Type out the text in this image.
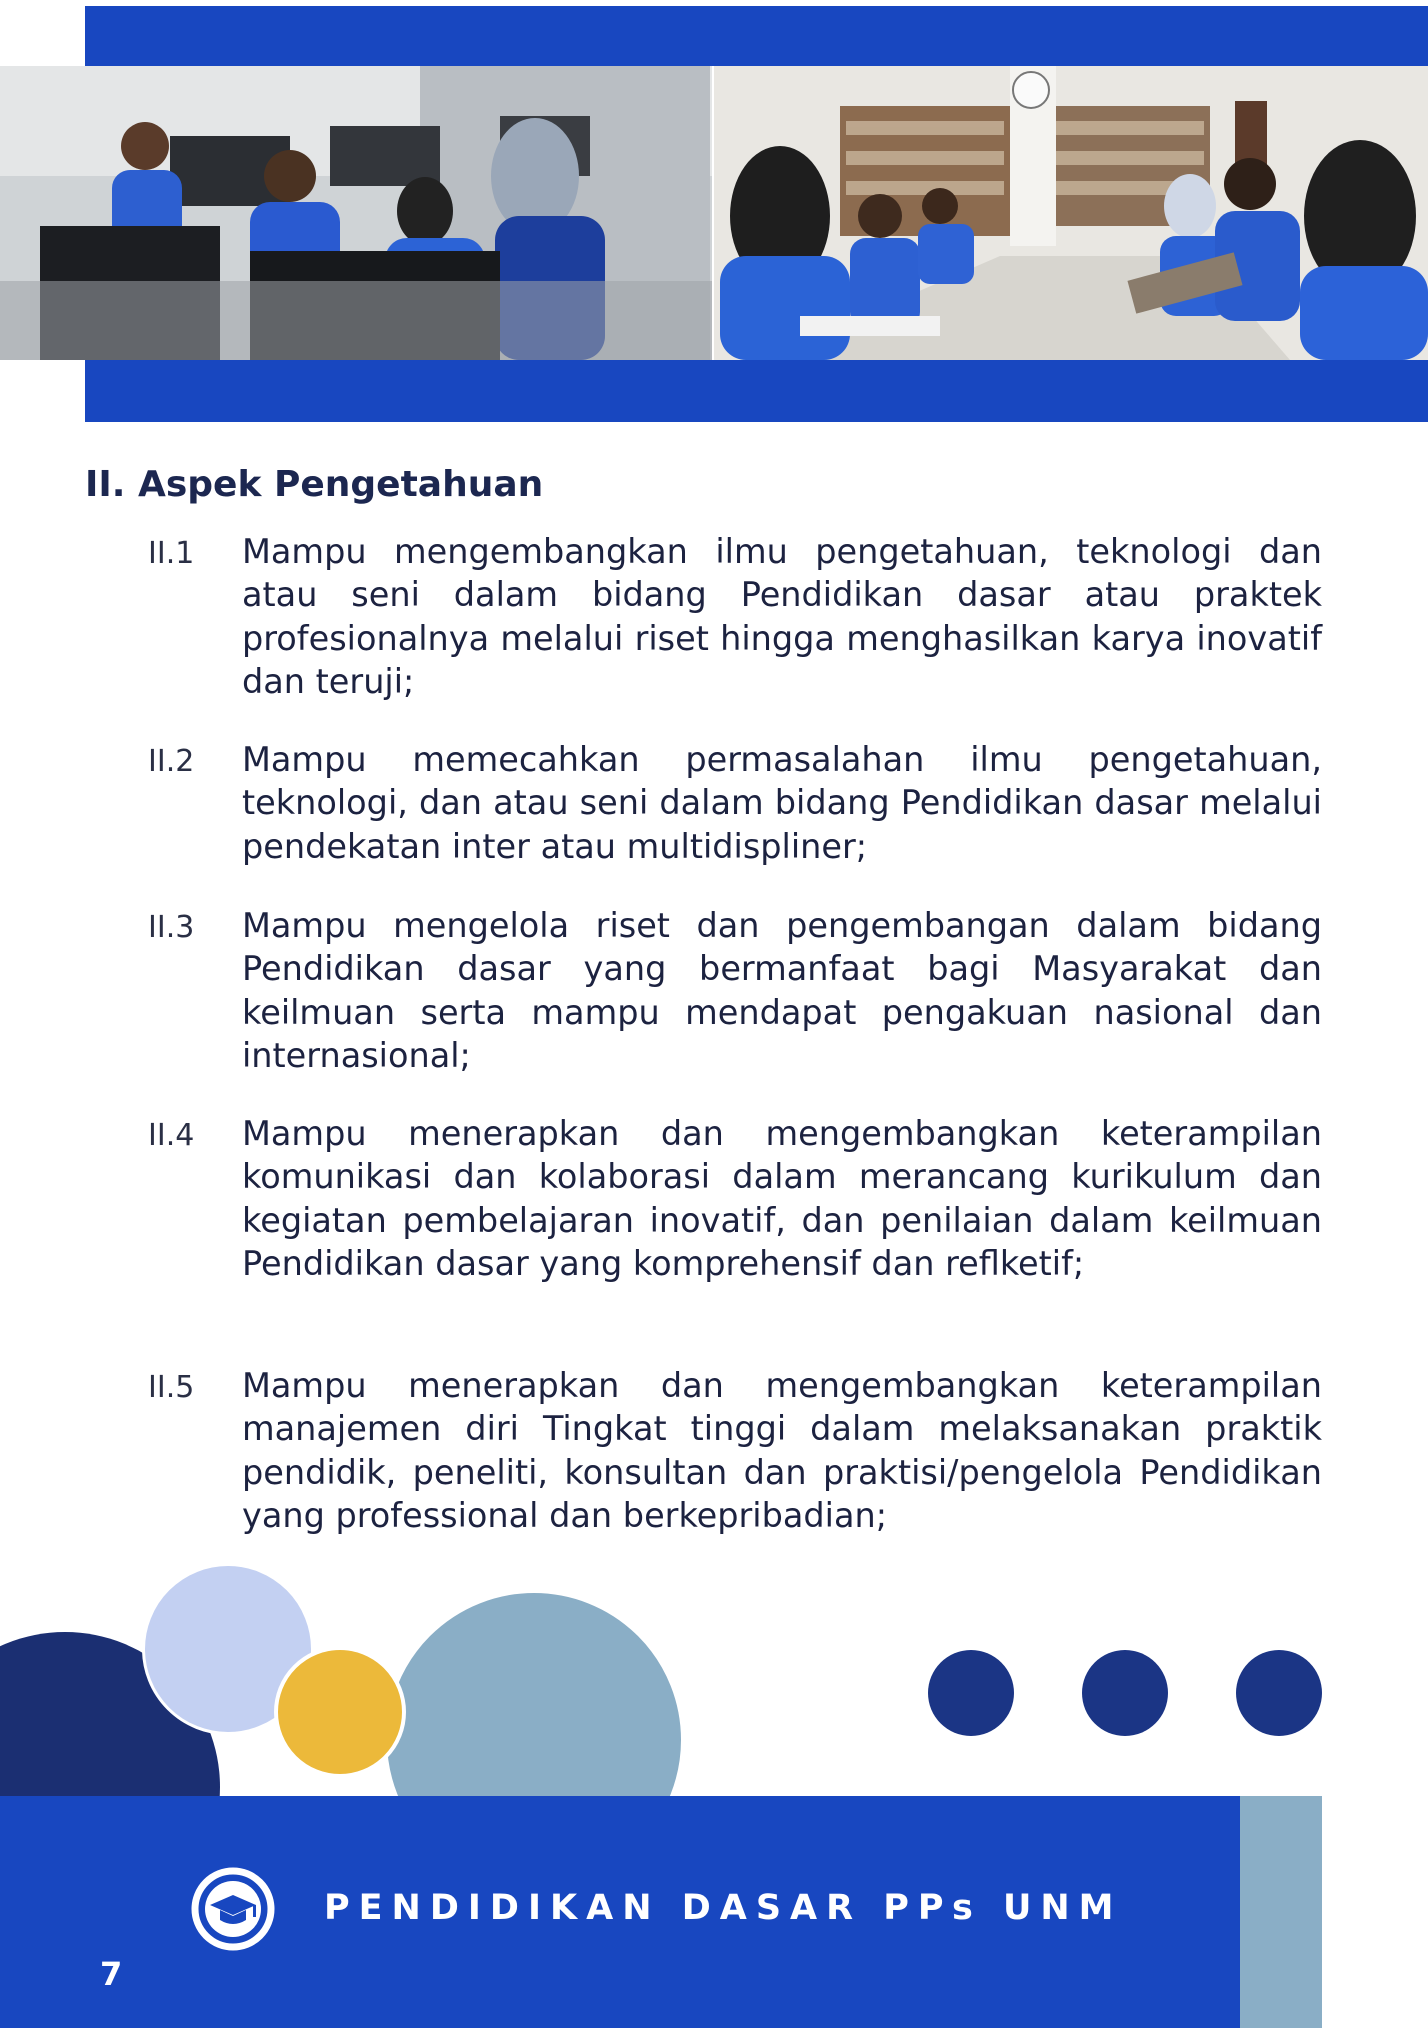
II. Aspek Pengetahuan
II.1	Mampu mengembangkan ilmu pengetahuan, teknologi dan atau seni dalam bidang Pendidikan dasar atau praktek profesionalnya melalui riset hingga menghasilkan karya inovatif dan teruji;

II.2	Mampu memecahkan permasalahan ilmu pengetahuan, teknologi, dan atau seni dalam bidang Pendidikan dasar melalui pendekatan inter atau multidispliner;

II.3	Mampu mengelola riset dan pengembangan dalam bidang Pendidikan dasar yang bermanfaat bagi Masyarakat dan keilmuan serta mampu mendapat pengakuan nasional dan internasional;

II.4	Mampu menerapkan dan mengembangkan keterampilan komunikasi dan kolaborasi dalam merancang kurikulum dan kegiatan pembelajaran inovatif, dan penilaian dalam keilmuan Pendidikan dasar yang komprehensif dan reflketif;

II.5	Mampu menerapkan dan mengembangkan keterampilan manajemen diri Tingkat tinggi dalam melaksanakan praktik pendidik, peneliti, konsultan dan praktisi/pengelola Pendidikan yang professional dan berkepribadian;

PENDIDIKAN DASAR PPs UNM
7
